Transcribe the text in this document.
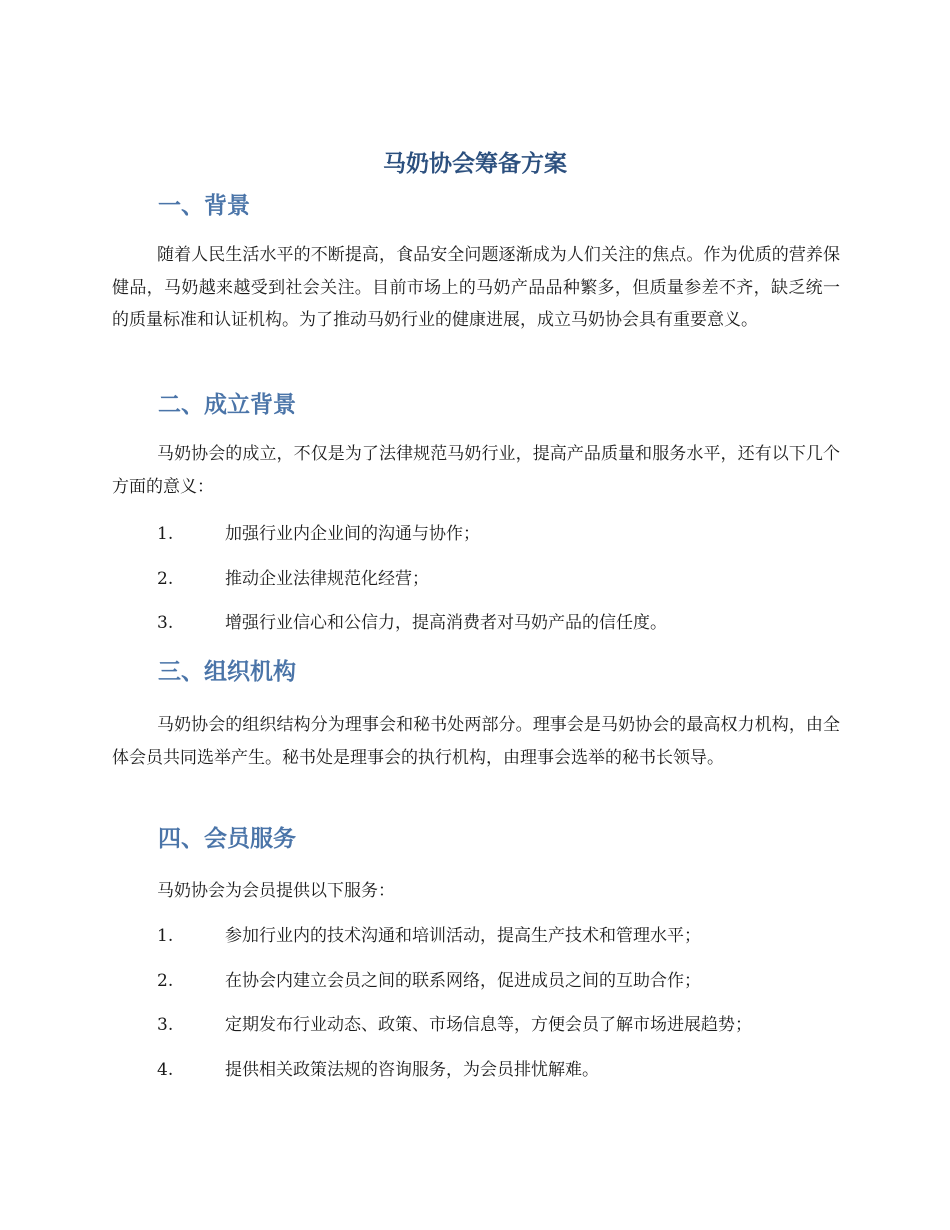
马奶协会筹备方案
一、背景

随着人民生活水平的不断提高，食品安全问题逐渐成为人们关注的焦点。作为优质的营养保健品，马奶越来越受到社会关注。目前市场上的马奶产品品种繁多，但质量参差不齐，缺乏统一的质量标准和认证机构。为了推动马奶行业的健康进展，成立马奶协会具有重要意义。

二、成立背景

马奶协会的成立，不仅是为了法律规范马奶行业，提高产品质量和服务水平，还有以下几个方面的意义：

1.	加强行业内企业间的沟通与协作；
2.	推动企业法律规范化经营；
3.	增强行业信心和公信力，提高消费者对马奶产品的信任度。
三、组织机构

马奶协会的组织结构分为理事会和秘书处两部分。理事会是马奶协会的最高权力机构，由全体会员共同选举产生。秘书处是理事会的执行机构，由理事会选举的秘书长领导。

四、会员服务

马奶协会为会员提供以下服务：

1.	参加行业内的技术沟通和培训活动，提高生产技术和管理水平；
2.	在协会内建立会员之间的联系网络，促进成员之间的互助合作；
3.	定期发布行业动态、政策、市场信息等，方便会员了解市场进展趋势；
4.	提供相关政策法规的咨询服务，为会员排忧解难。
